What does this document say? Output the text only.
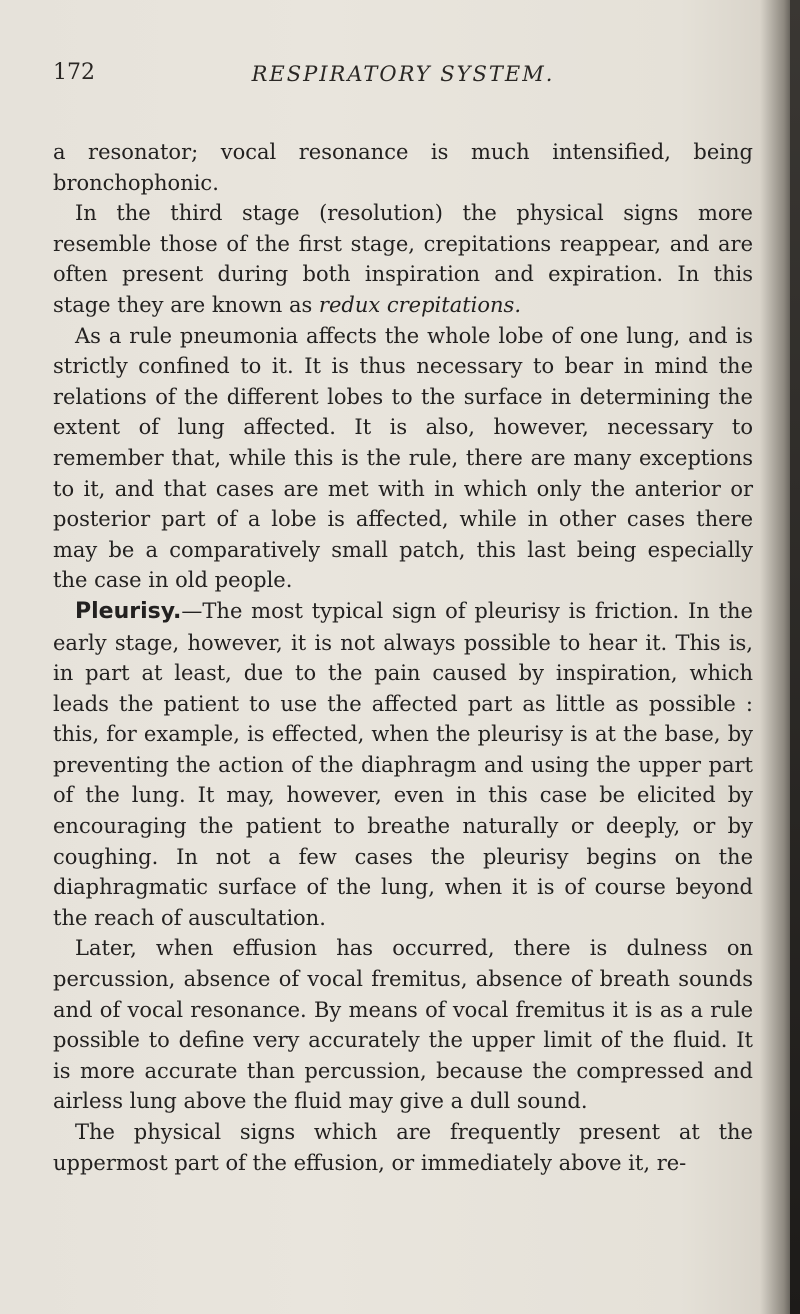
172	RESPIRATORY SYSTEM.

a resonator; vocal resonance is much intensified, being bronchophonic.

In the third stage (resolution) the physical signs more resemble those of the first stage, crepitations reappear, and are often present during both inspiration and expiration. In this stage they are known as redux crepitations.

As a rule pneumonia affects the whole lobe of one lung, and is strictly confined to it. It is thus necessary to bear in mind the relations of the different lobes to the surface in determining the extent of lung affected. It is also, however, necessary to remember that, while this is the rule, there are many exceptions to it, and that cases are met with in which only the anterior or posterior part of a lobe is affected, while in other cases there may be a comparatively small patch, this last being especially the case in old people.

Pleurisy.—The most typical sign of pleurisy is friction. In the early stage, however, it is not always possible to hear it. This is, in part at least, due to the pain caused by inspiration, which leads the patient to use the affected part as little as possible : this, for example, is effected, when the pleurisy is at the base, by preventing the action of the diaphragm and using the upper part of the lung. It may, however, even in this case be elicited by encouraging the patient to breathe naturally or deeply, or by coughing. In not a few cases the pleurisy begins on the diaphragmatic surface of the lung, when it is of course beyond the reach of auscultation.

Later, when effusion has occurred, there is dulness on percussion, absence of vocal fremitus, absence of breath sounds and of vocal resonance. By means of vocal fremitus it is as a rule possible to define very accurately the upper limit of the fluid. It is more accurate than percussion, because the compressed and airless lung above the fluid may give a dull sound.

The physical signs which are frequently present at the uppermost part of the effusion, or immediately above it, re-
